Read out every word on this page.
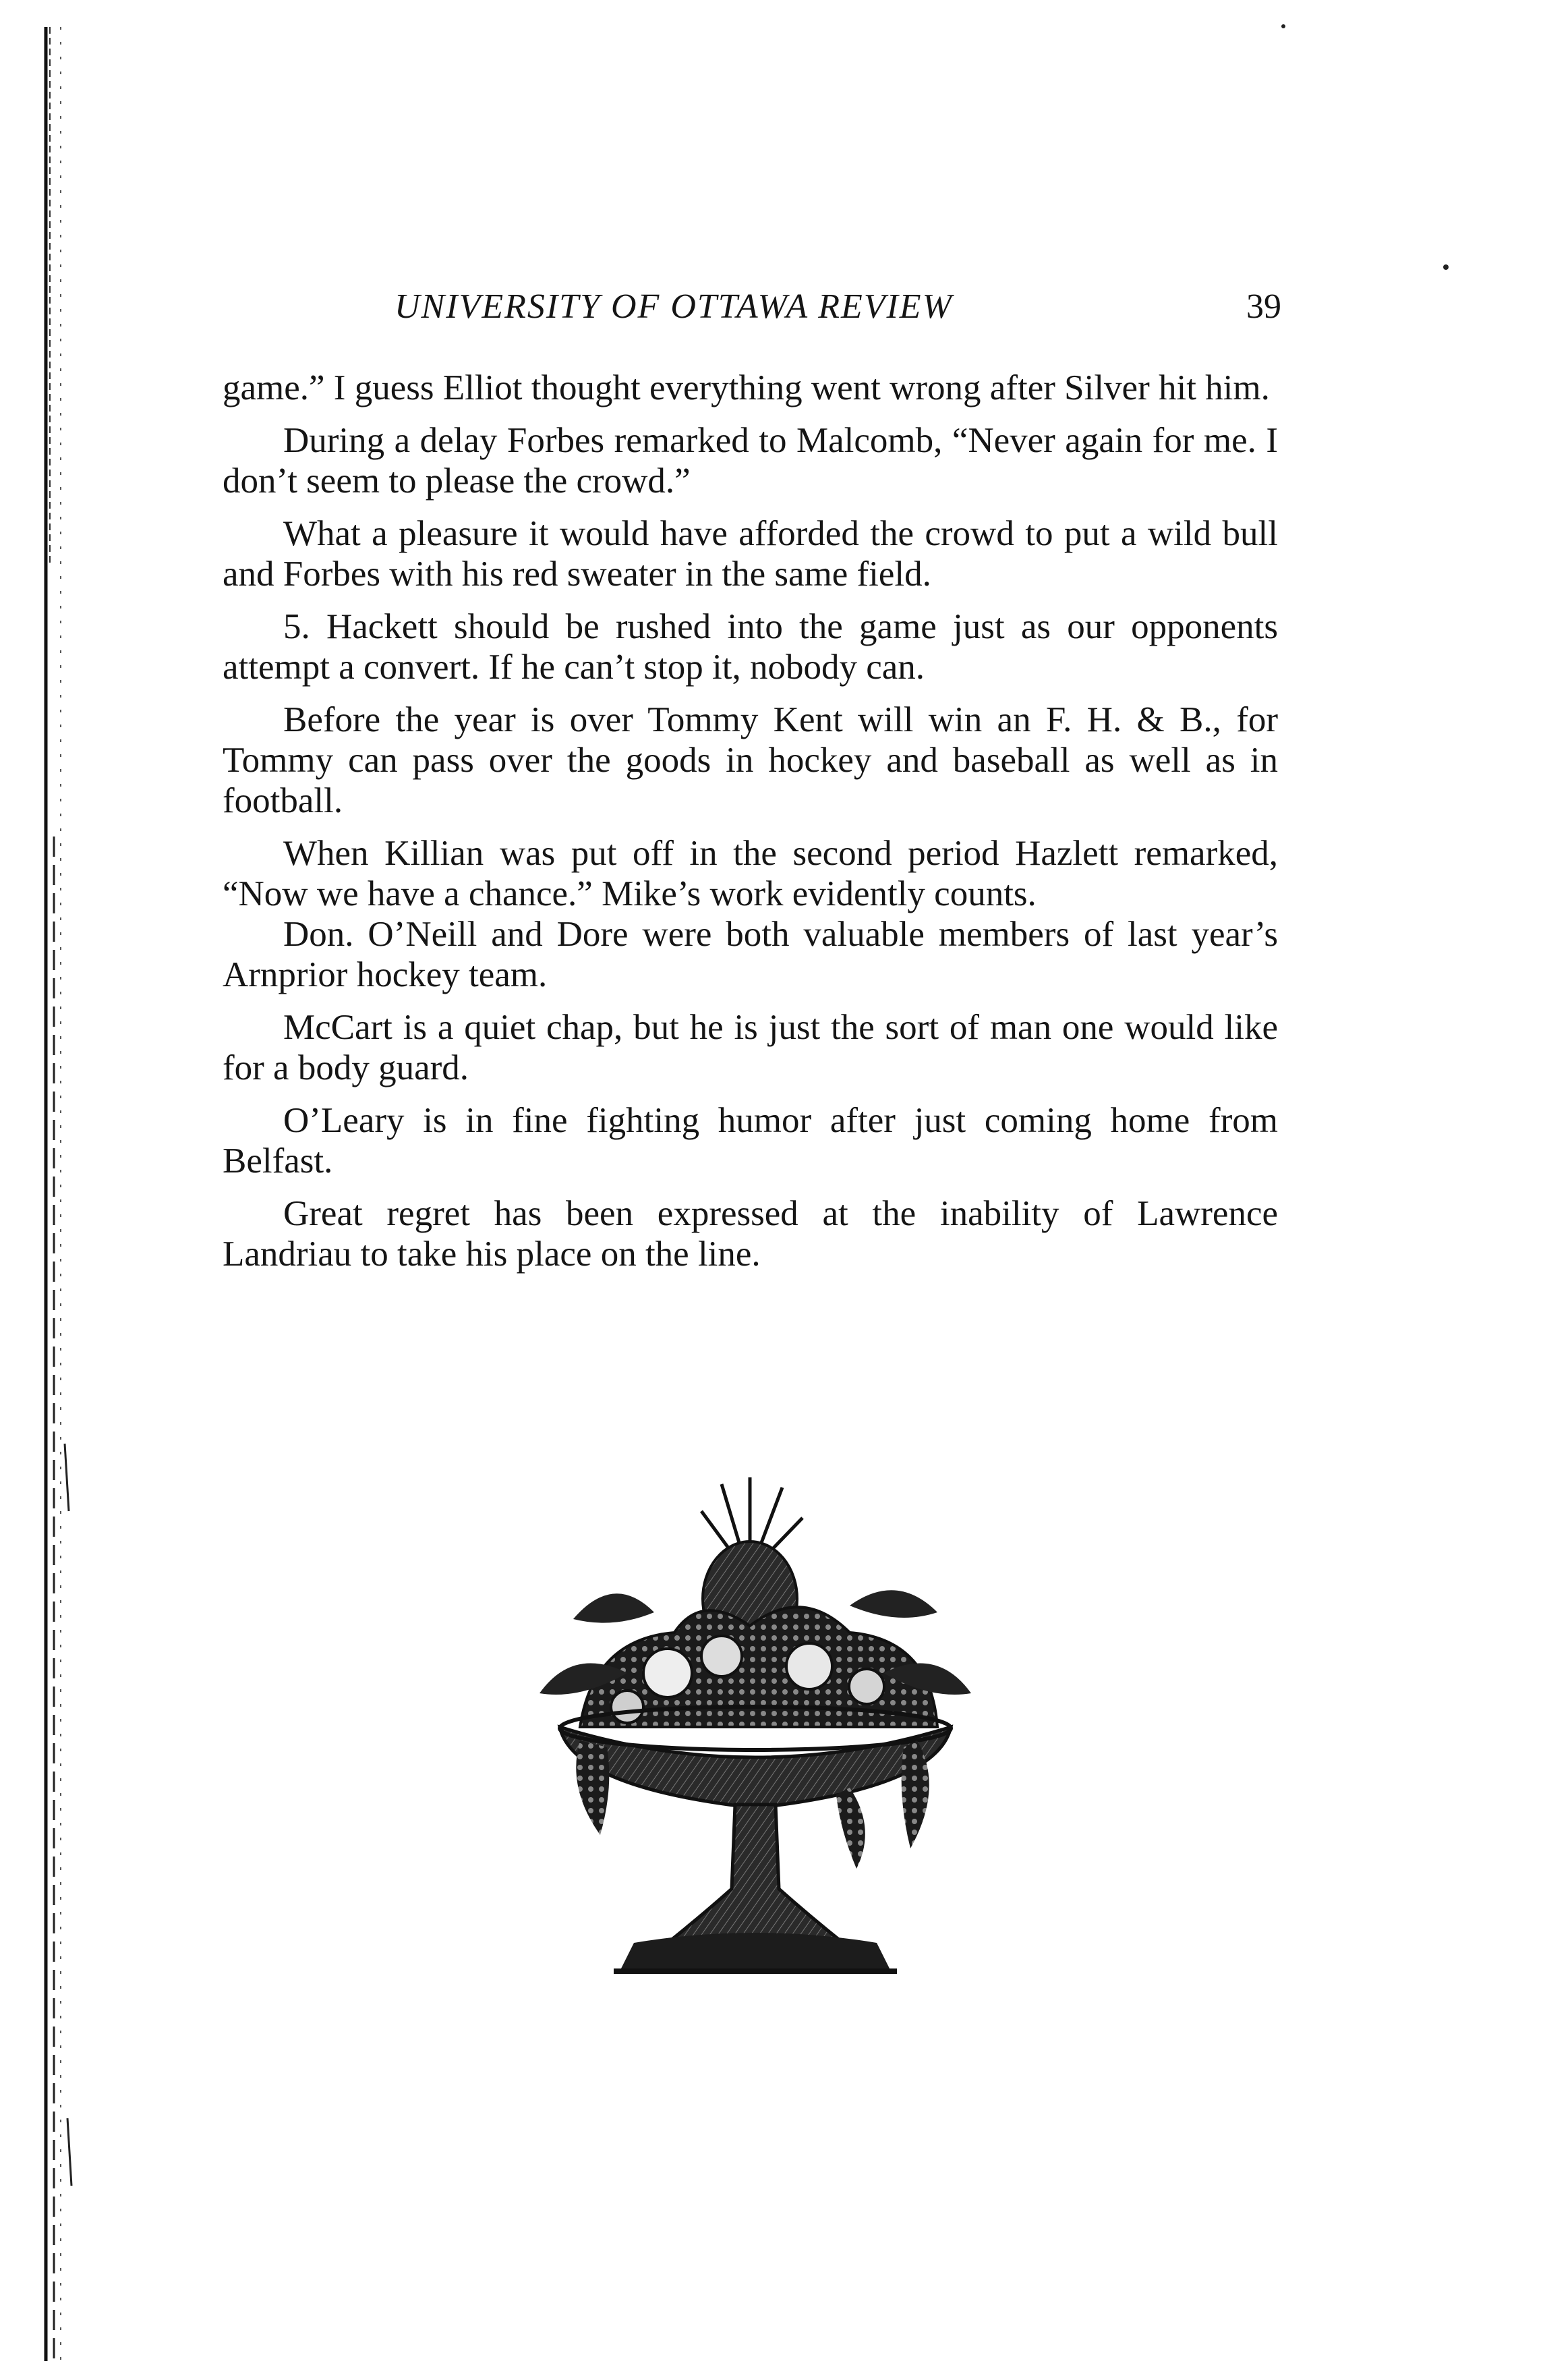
UNIVERSITY OF OTTAWA REVIEW	39

game.” I guess Elliot thought everything went wrong after Silver hit him.

During a delay Forbes remarked to Malcomb, “Never again for me. I don’t seem to please the crowd.”

What a pleasure it would have afforded the crowd to put a wild bull and Forbes with his red sweater in the same field.

5. Hackett should be rushed into the game just as our opponents attempt a convert. If he can’t stop it, nobody can.

Before the year is over Tommy Kent will win an F. H. & B., for Tommy can pass over the goods in hockey and baseball as well as in football.

When Killian was put off in the second period Hazlett remarked, “Now we have a chance.” Mike’s work evidently counts.

Don. O’Neill and Dore were both valuable members of last year’s Arnprior hockey team.

McCart is a quiet chap, but he is just the sort of man one would like for a body guard.

O’Leary is in fine fighting humor after just coming home from Belfast.

Great regret has been expressed at the inability of Lawrence Landriau to take his place on the line.
